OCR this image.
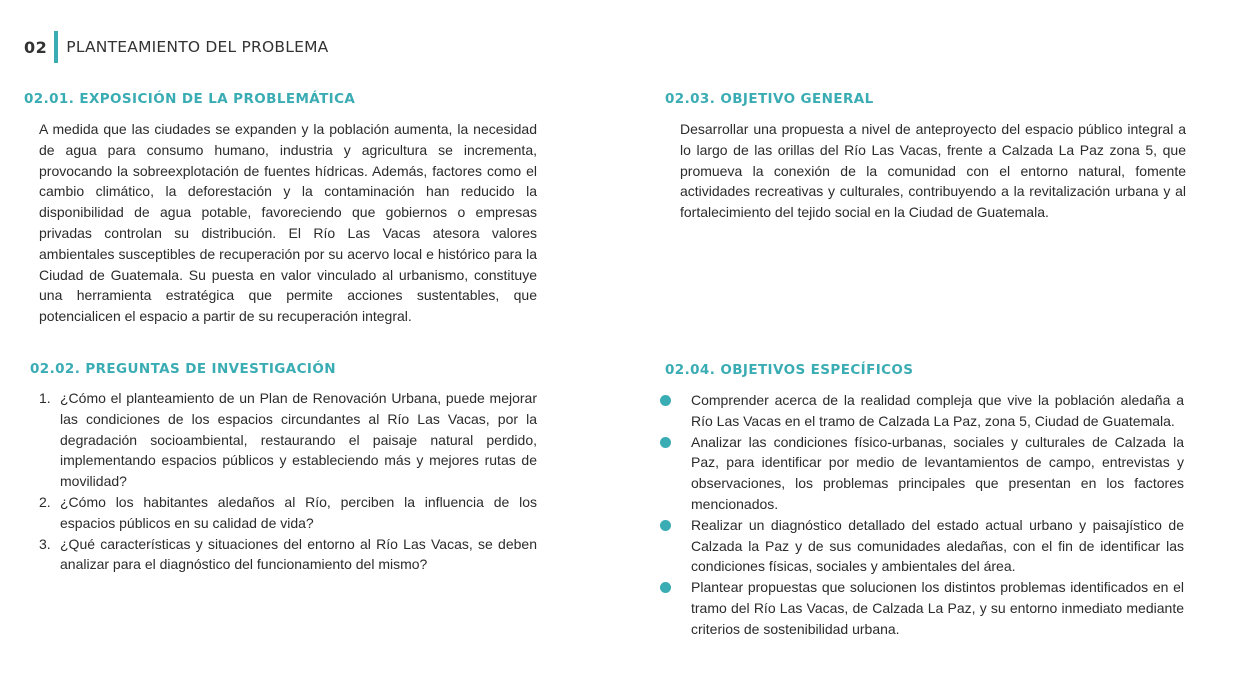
02 PLANTEAMIENTO DEL PROBLEMA
02.01. EXPOSICIÓN DE LA PROBLEMÁTICA

A medida que las ciudades se expanden y la población aumenta, la necesidad de agua para consumo humano, industria y agricultura se incrementa, provocando la sobreexplotación de fuentes hídricas. Además, factores como el cambio climático, la deforestación y la contaminación han reducido la disponibilidad de agua potable, favoreciendo que gobiernos o empresas privadas controlan su distribución. El Río Las Vacas atesora valores ambientales susceptibles de recuperación por su acervo local e histórico para la Ciudad de Guatemala. Su puesta en valor vinculado al urbanismo, constituye una herramienta estratégica que permite acciones sustentables, que potencialicen el espacio a partir de su recuperación integral.

02.02. PREGUNTAS DE INVESTIGACIÓN
1. ¿Cómo el planteamiento de un Plan de Renovación Urbana, puede mejorar las condiciones de los espacios circundantes al Río Las Vacas, por la degradación socioambiental, restaurando el paisaje natural perdido, implementando espacios públicos y estableciendo más y mejores rutas de movilidad?
2. ¿Cómo los habitantes aledaños al Río, perciben la influencia de los espacios públicos en su calidad de vida?
3. ¿Qué características y situaciones del entorno al Río Las Vacas, se deben analizar para el diagnóstico del funcionamiento del mismo?
02.03. OBJETIVO GENERAL

Desarrollar una propuesta a nivel de anteproyecto del espacio público integral a lo largo de las orillas del Río Las Vacas, frente a Calzada La Paz zona 5, que promueva la conexión de la comunidad con el entorno natural, fomente actividades recreativas y culturales, contribuyendo a la revitalización urbana y al fortalecimiento del tejido social en la Ciudad de Guatemala.

02.04. OBJETIVOS ESPECÍFICOS
Comprender acerca de la realidad compleja que vive la población aledaña a Río Las Vacas en el tramo de Calzada La Paz, zona 5, Ciudad de Guatemala.
Analizar las condiciones físico-urbanas, sociales y culturales de Calzada la Paz, para identificar por medio de levantamientos de campo, entrevistas y observaciones, los problemas principales que presentan en los factores mencionados.
Realizar un diagnóstico detallado del estado actual urbano y paisajístico de Calzada la Paz y de sus comunidades aledañas, con el fin de identificar las condiciones físicas, sociales y ambientales del área.
Plantear propuestas que solucionen los distintos problemas identificados en el tramo del Río Las Vacas, de Calzada La Paz, y su entorno inmediato mediante criterios de sostenibilidad urbana.
